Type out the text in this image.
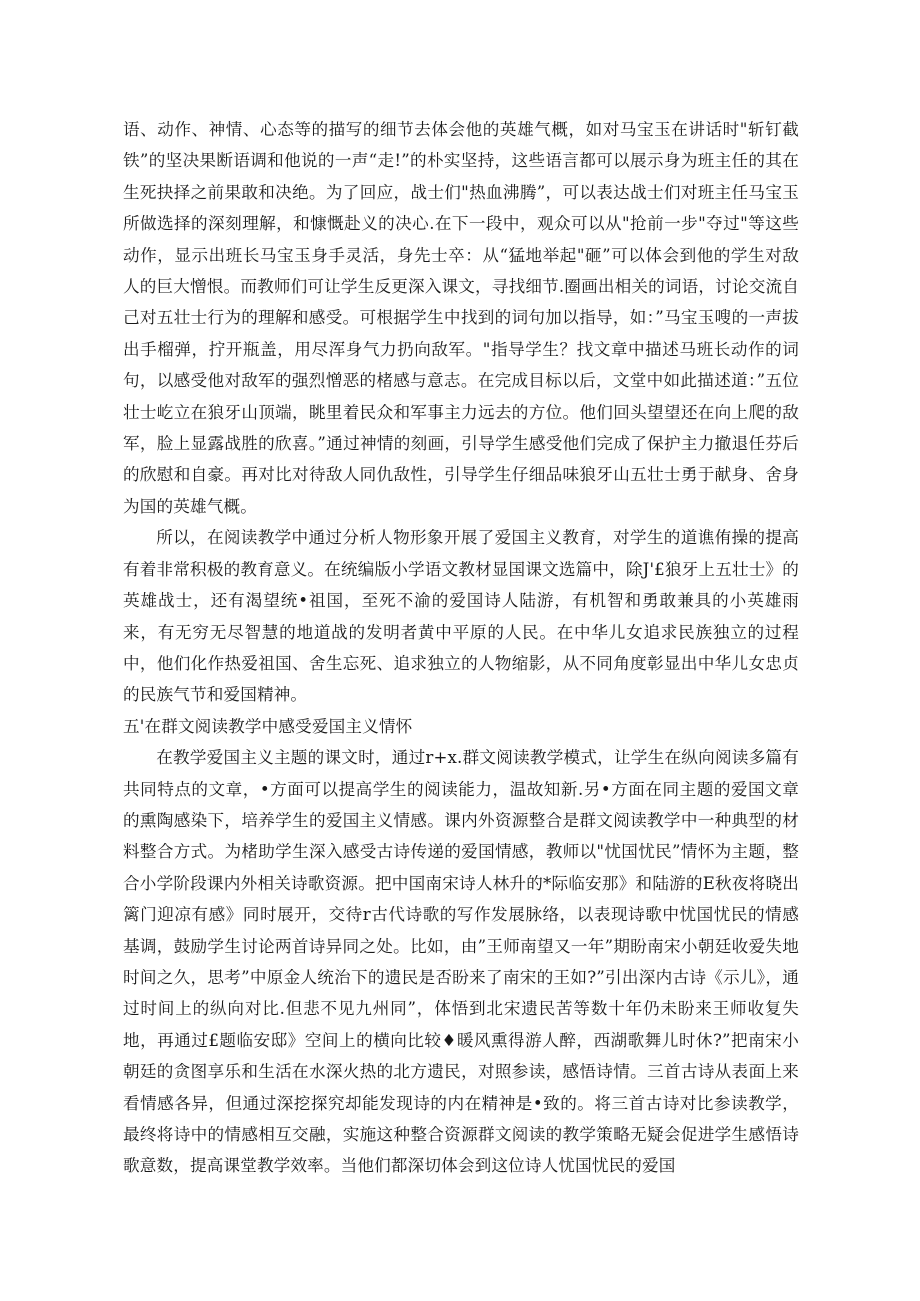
语、动作、神情、心态等的描写的细节去体会他的英雄气概，如对马宝玉在讲话时"斩钉截铁”的坚决果断语调和他说的一声“走!”的朴实坚持，这些语言都可以展示身为班主任的其在生死抉择之前果敢和决绝。为了回应，战士们"热血沸腾”，可以表达战士们对班主任马宝玉所做选择的深刻理解，和慷慨赴义的决心.在下一段中，观众可以从"抢前一步"夺过"等这些动作，显示出班长马宝玉身手灵活，身先士卒：从“猛地举起"砸”可以体会到他的学生对敌人的巨大憎恨。而教师们可让学生反更深入课文，寻找细节.圈画出相关的词语，讨论交流自己对五壮士行为的理解和感受。可根据学生中找到的词句加以指导，如：”马宝玉嗖的一声拔出手榴弹，拧开瓶盖，用尽浑身气力扔向敌军。"指导学生？找文章中描述马班长动作的词句，以感受他对敌军的强烈憎恶的楮感与意志。在完成目标以后，文堂中如此描述道：”五位壮士屹立在狼牙山顶端，眺里着民众和军事主力远去的方位。他们回头望望还在向上爬的敌军，脸上显露战胜的欣喜。”通过神情的刻画，引导学生感受他们完成了保护主力撤退任芬后的欣慰和自豪。再对比对待敌人同仇敌性，引导学生仔细品味狼牙山五壮士勇于献身、舍身为国的英雄气概。

所以，在阅读教学中通过分析人物形象开展了爱国主义教育，对学生的道谯侑操的提高有着非常积极的教育意义。在统编版小学语文教材显国课文选篇中，除J'£狼牙上五壮士》的英雄战士，还有渴望统•祖国，至死不渝的爱国诗人陆游，有机智和勇敢兼具的小英雄雨来，有无穷无尽智慧的地道战的发明者黄中平原的人民。在中华儿女追求民族独立的过程中，他们化作热爱祖国、舍生忘死、追求独立的人物缩影，从不同角度彰显出中华儿女忠贞的民族气节和爱国精神。

五'在群文阅读教学中感受爱国主义情怀

在教学爱国主义主题的课文时，通过r+x.群文阅读教学模式，让学生在纵向阅读多篇有共同特点的文章，•方面可以提高学生的阅读能力，温故知新.另•方面在同主题的爱国文章的熏陶感染下，培养学生的爱国主义情感。课内外资源整合是群文阅读教学中一种典型的材料整合方式。为楮助学生深入感受古诗传递的爱国情感，教师以"忧国忧民”情怀为主题，整合小学阶段课内外相关诗歌资源。把中国南宋诗人林升的*际临安那》和陆游的E秋夜将晓出篱门迎凉有感》同时展开，交待r古代诗歌的写作发展脉络，以表现诗歌中忧国忧民的情感基调，鼓励学生讨论两首诗异同之处。比如，由”王师南望又一年”期盼南宋小朝廷收爱失地时间之久，思考”中原金人统治下的遗民是否盼来了南宋的王如?”引出深内古诗《示儿》，通过时间上的纵向对比.但悲不见九州同”，体悟到北宋遗民苦等数十年仍未盼来王师收复失地，再通过£题临安邸》空间上的横向比较♦暖风熏得游人醉，西湖歌舞儿时休?”把南宋小朝廷的贪图享乐和生活在水深火热的北方遗民，对照参读，感悟诗情。三首古诗从表面上来看情感各异，但通过深挖探究却能发现诗的内在精神是•致的。将三首古诗对比参读教学，最终将诗中的情感相互交融，实施这种整合资源群文阅读的教学策略无疑会促进学生感悟诗歌意数，提高课堂教学效率。当他们都深切体会到这位诗人忧国忧民的爱国
